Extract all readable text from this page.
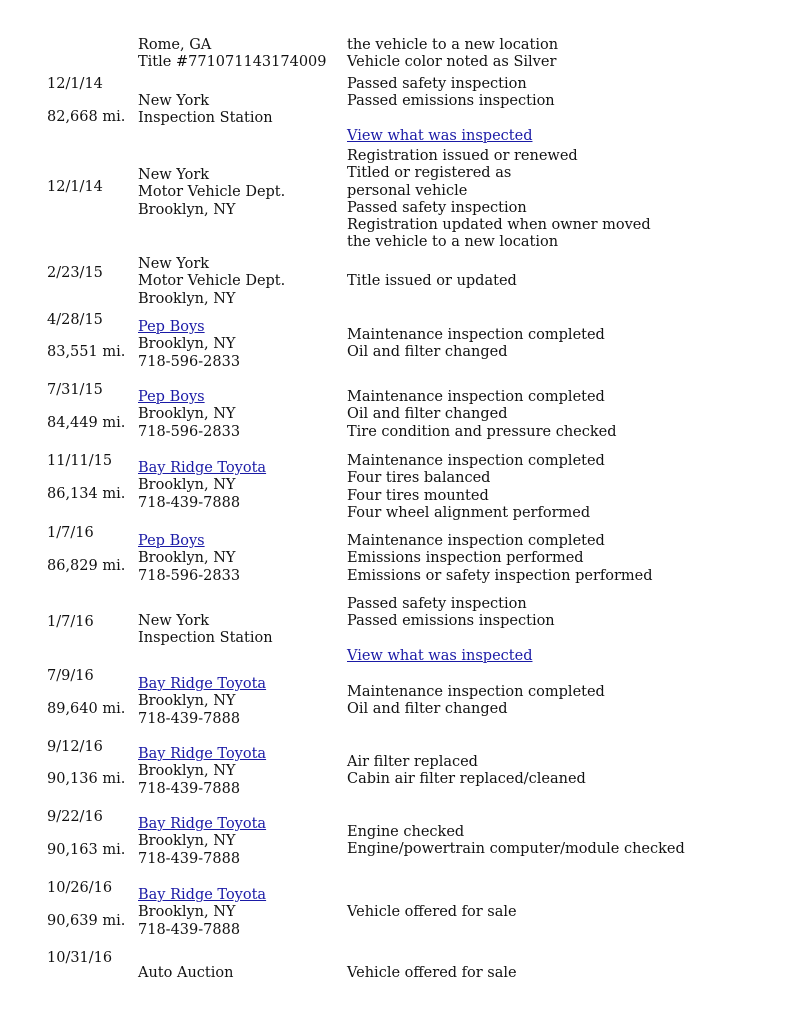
Rome, GA
Title #771071143174009
the vehicle to a new location
Vehicle color noted as Silver
12/1/14
82,668 mi.
New York
Inspection Station
Passed safety inspection
Passed emissions inspection
View what was inspected
12/1/14
New York
Motor Vehicle Dept.
Brooklyn, NY
Registration issued or renewed
Titled or registered as
personal vehicle
Passed safety inspection
Registration updated when owner moved
the vehicle to a new location
2/23/15
New York
Motor Vehicle Dept.
Brooklyn, NY
Title issued or updated
4/28/15
83,551 mi.
Pep Boys
Brooklyn, NY
718-596-2833
Maintenance inspection completed
Oil and filter changed
7/31/15
84,449 mi.
Pep Boys
Brooklyn, NY
718-596-2833
Maintenance inspection completed
Oil and filter changed
Tire condition and pressure checked
11/11/15
86,134 mi.
Bay Ridge Toyota
Brooklyn, NY
718-439-7888
Maintenance inspection completed
Four tires balanced
Four tires mounted
Four wheel alignment performed
1/7/16
86,829 mi.
Pep Boys
Brooklyn, NY
718-596-2833
Maintenance inspection completed
Emissions inspection performed
Emissions or safety inspection performed
1/7/16	New York
Inspection Station
Passed safety inspection
Passed emissions inspection
View what was inspected
7/9/16
89,640 mi.
Bay Ridge Toyota
Brooklyn, NY
718-439-7888
Maintenance inspection completed
Oil and filter changed
9/12/16
90,136 mi.
Bay Ridge Toyota
Brooklyn, NY
718-439-7888
Air filter replaced
Cabin air filter replaced/cleaned
9/22/16
90,163 mi.
Bay Ridge Toyota
Brooklyn, NY
718-439-7888
Engine checked
Engine/powertrain computer/module checked
10/26/16
90,639 mi.
Bay Ridge Toyota
Brooklyn, NY
718-439-7888
Vehicle offered for sale
10/31/16
Auto Auction	Vehicle offered for sale
